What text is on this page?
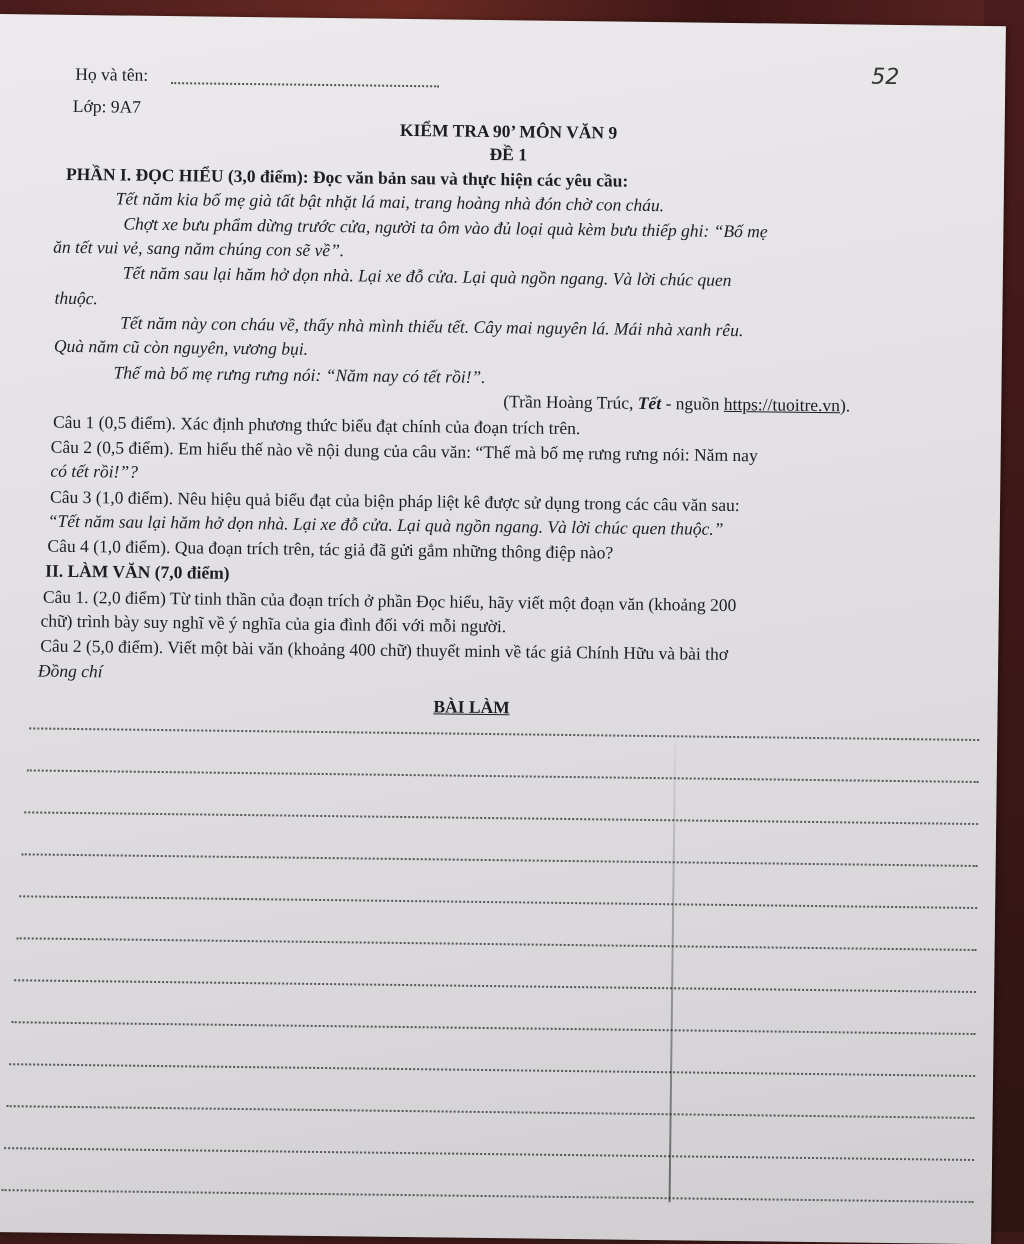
Họ và tên:	52
Lớp: 9A7
KIỂM TRA 90’ MÔN VĂN 9
ĐỀ 1
PHẦN I. ĐỌC HIỂU (3,0 điểm): Đọc văn bản sau và thực hiện các yêu cầu:
Tết năm kia bố mẹ già tất bật nhặt lá mai, trang hoàng nhà đón chờ con cháu.
Chợt xe bưu phẩm dừng trước cửa, người ta ôm vào đủ loại quà kèm bưu thiếp ghi: “Bố mẹ
ăn tết vui vẻ, sang năm chúng con sẽ về”.
Tết năm sau lại hăm hở dọn nhà. Lại xe đỗ cửa. Lại quà ngồn ngang. Và lời chúc quen
thuộc.
Tết năm này con cháu về, thấy nhà mình thiếu tết. Cây mai nguyên lá. Mái nhà xanh rêu.
Quà năm cũ còn nguyên, vương bụi.
Thế mà bố mẹ rưng rưng nói: “Năm nay có tết rồi!”.
(Trần Hoàng Trúc, Tết - nguồn https://tuoitre.vn).
Câu 1 (0,5 điểm). Xác định phương thức biểu đạt chính của đoạn trích trên.
Câu 2 (0,5 điểm). Em hiểu thế nào về nội dung của câu văn: “Thế mà bố mẹ rưng rưng nói: Năm nay
có tết rồi!”?
Câu 3 (1,0 điểm). Nêu hiệu quả biểu đạt của biện pháp liệt kê được sử dụng trong các câu văn sau:
“Tết năm sau lại hăm hở dọn nhà. Lại xe đỗ cửa. Lại quà ngồn ngang. Và lời chúc quen thuộc.”
Câu 4 (1,0 điểm). Qua đoạn trích trên, tác giả đã gửi gắm những thông điệp nào?
II. LÀM VĂN (7,0 điểm)
Câu 1. (2,0 điểm) Từ tinh thần của đoạn trích ở phần Đọc hiểu, hãy viết một đoạn văn (khoảng 200
chữ) trình bày suy nghĩ về ý nghĩa của gia đình đối với mỗi người.
Câu 2 (5,0 điểm). Viết một bài văn (khoảng 400 chữ) thuyết minh về tác giả Chính Hữu và bài thơ
Đồng chí
BÀI LÀM
